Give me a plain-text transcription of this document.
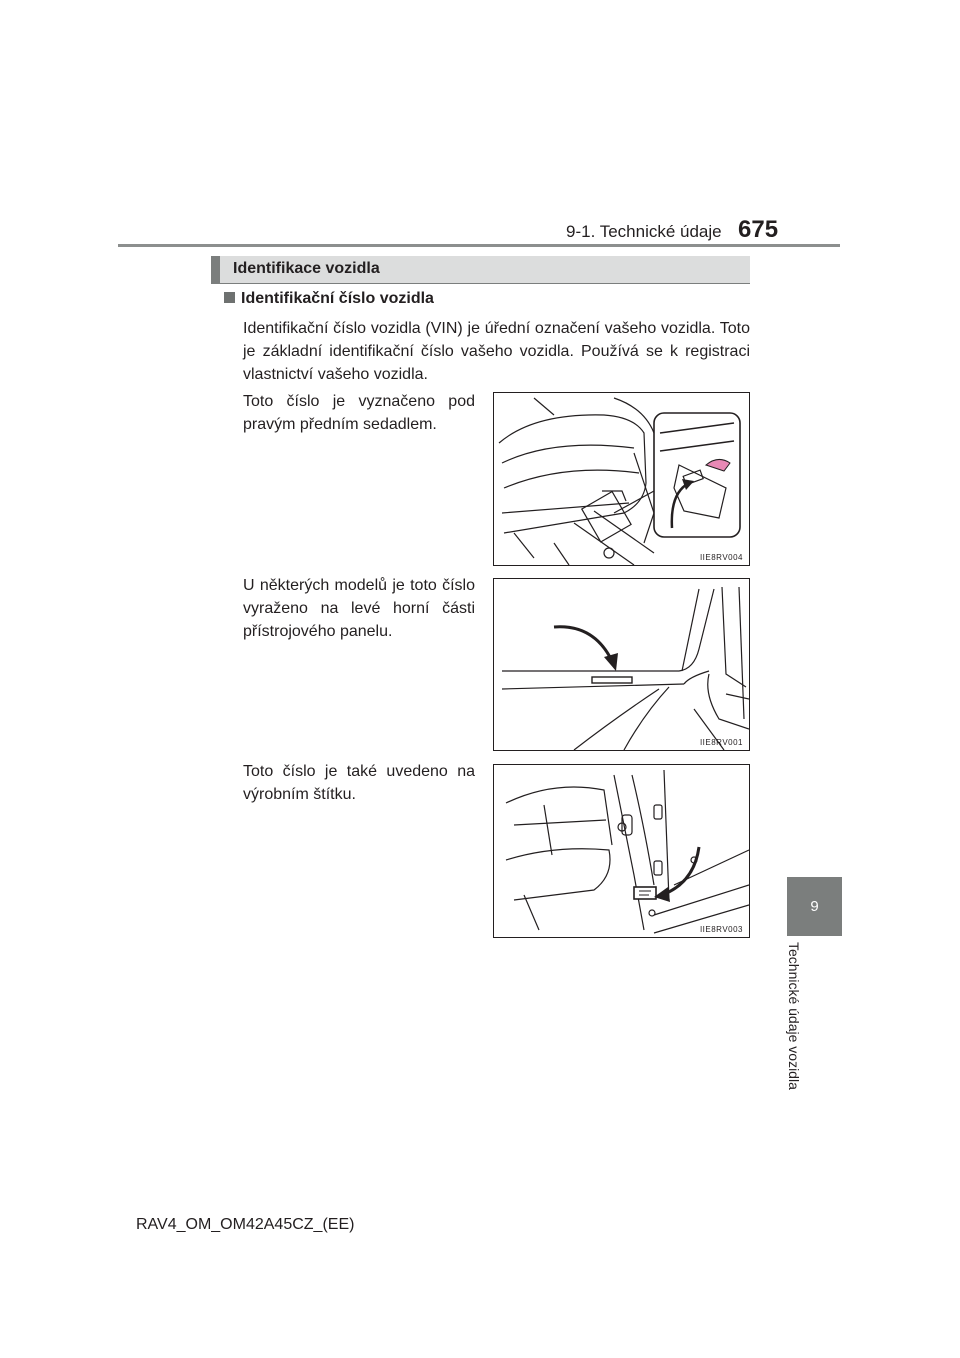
9-1. Technické údaje 675
9
Technické údaje vozidla
Identifikace vozidla
Identifikační číslo vozidla
Identifikační číslo vozidla (VIN) je úřední označení vašeho vozidla. Toto je základní identifikační číslo vašeho vozidla. Používá se k registraci vlastnictví vašeho vozidla.
Toto číslo je vyznačeno pod pravým předním sedadlem.
IIE8RV004
U některých modelů je toto číslo vyraženo na levé horní části přístrojového panelu.
IIE8RV001
Toto číslo je také uvedeno na výrobním štítku.
IIE8RV003
RAV4_OM_OM42A45CZ_(EE)
